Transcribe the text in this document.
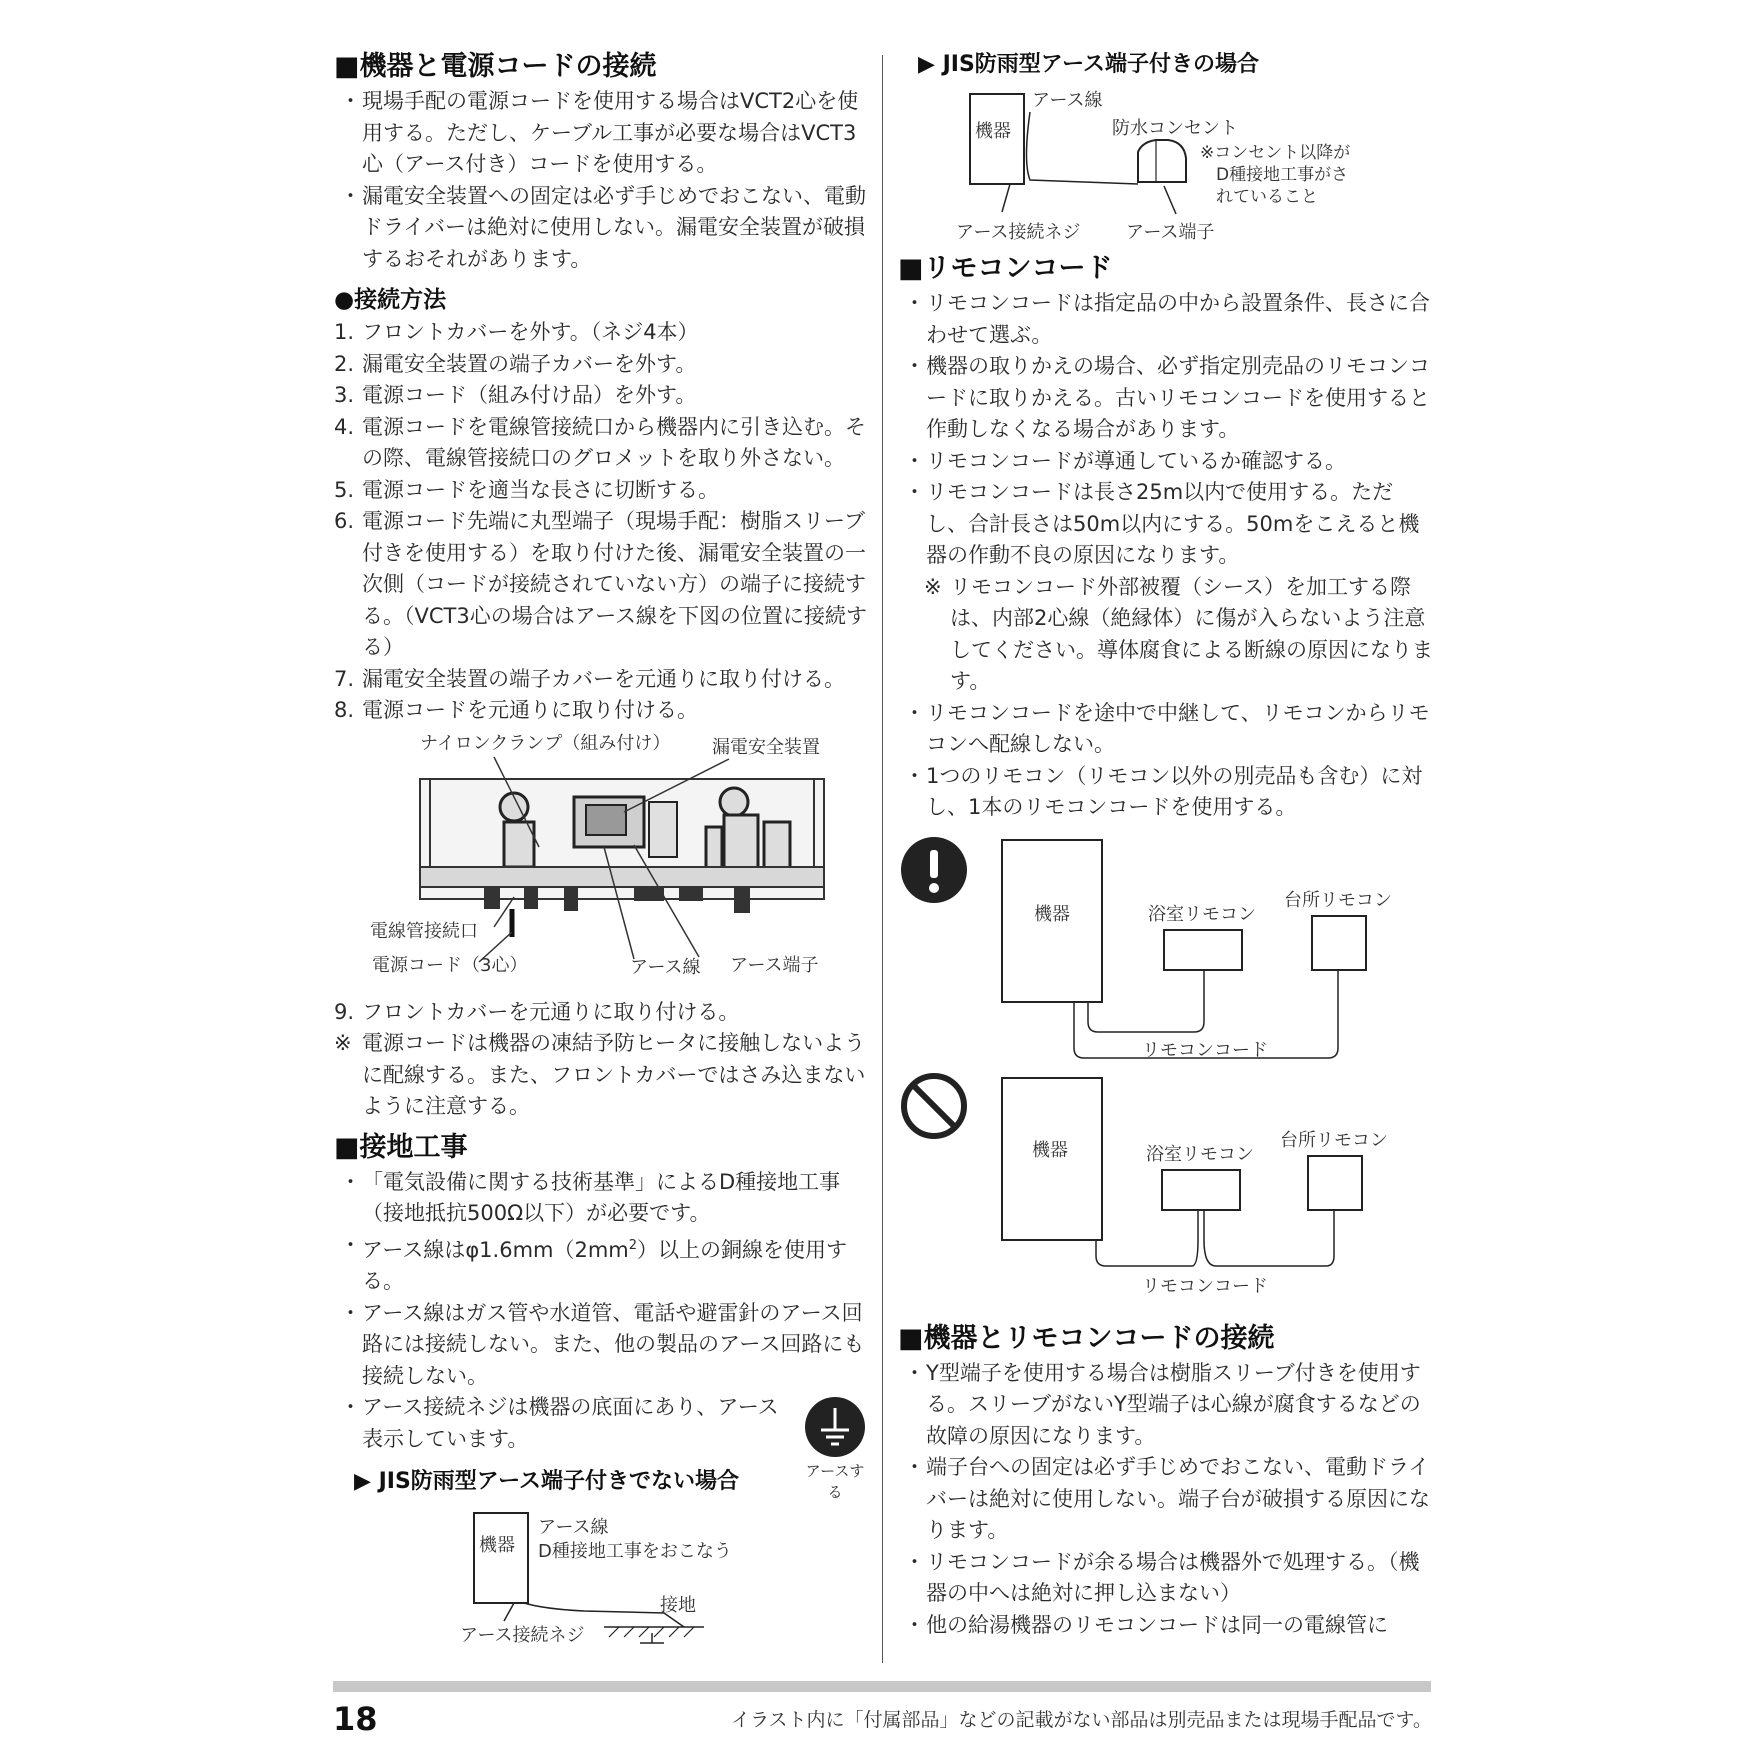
■機器と電源コードの接続

・ 現場手配の電源コードを使用する場合はVCT2心を使用する。ただし、ケーブル工事が必要な場合はVCT3心（アース付き）コードを使用する。

・ 漏電安全装置への固定は必ず手じめでおこない、電動ドライバーは絶対に使用しない。漏電安全装置が破損するおそれがあります。

●接続方法

1. フロントカバーを外す。（ネジ4本）

2. 漏電安全装置の端子カバーを外す。

3. 電源コード（組み付け品）を外す。

4. 電源コードを電線管接続口から機器内に引き込む。その際、電線管接続口のグロメットを取り外さない。

5. 電源コードを適当な長さに切断する。

6. 電源コード先端に丸型端子（現場手配：樹脂スリーブ付きを使用する）を取り付けた後、漏電安全装置の一次側（コードが接続されていない方）の端子に接続する。（VCT3心の場合はアース線を下図の位置に接続する）

7. 漏電安全装置の端子カバーを元通りに取り付ける。

8. 電源コードを元通りに取り付ける。

ナイロンクランプ（組み付け） 漏電安全装置
電線管接続口
電源コード（3心）	アース線 アース端子

9. フロントカバーを元通りに取り付ける。

※ 電源コードは機器の凍結予防ヒータに接触しないように配線する。また、フロントカバーではさみ込まないように注意する。

■接地工事

・ 「電気設備に関する技術基準」によるD種接地工事（接地抵抗500Ω以下）が必要です。

・ アース線は$\varphi 1.6mm(2mm^2)$以上の銅線を使用する。

・ アース線はガス管や水道管、電話や避雷針のアース回路には接続しない。また、他の製品のアース回路にも接続しない。

・ アース接続ネジは機器の底面にあり、アース表示しています。

アースする

▶ JIS防雨型アース端子付きでない場合

機器
アース線
D種接地工事をおこなう
接地
アース接続ネジ

▶ JIS防雨型アース端子付きの場合

機器
アース線
防水コンセント
※コンセント以降が
D種接地工事がさ
れていること
アース接続ネジ	アース端子
■リモコンコード

・ リモコンコードは指定品の中から設置条件、長さに合わせて選ぶ。

・ 機器の取りかえの場合、必ず指定別売品のリモコンコードに取りかえる。古いリモコンコードを使用すると作動しなくなる場合があります。

・ リモコンコードが導通しているか確認する。

・ リモコンコードは長さ25m以内で使用する。ただし、合計長さは50m以内にする。50mをこえると機器の作動不良の原因になります。

※ リモコンコード外部被覆（シース）を加工する際は、内部2心線（絶縁体）に傷が入らないよう注意してください。導体腐食による断線の原因になります。

・ リモコンコードを途中で中継して、リモコンからリモコンへ配線しない。

・ 1つのリモコン（リモコン以外の別売品も含む）に対し、1本のリモコンコードを使用する。

機器	浴室リモコン
台所リモコン
リモコンコード
機器	浴室リモコン
台所リモコン
リモコンコード
■機器とリモコンコードの接続

・ Y型端子を使用する場合は樹脂スリーブ付きを使用する。スリーブがないY型端子は心線が腐食するなどの故障の原因になります。

・ 端子台への固定は必ず手じめでおこない、電動ドライバーは絶対に使用しない。端子台が破損する原因になります。

・ リモコンコードが余る場合は機器外で処理する。（機器の中へは絶対に押し込まない）

・ 他の給湯機器のリモコンコードは同一の電線管に

18	イラスト内に「付属部品」などの記載がない部品は別売品または現場手配品です。
